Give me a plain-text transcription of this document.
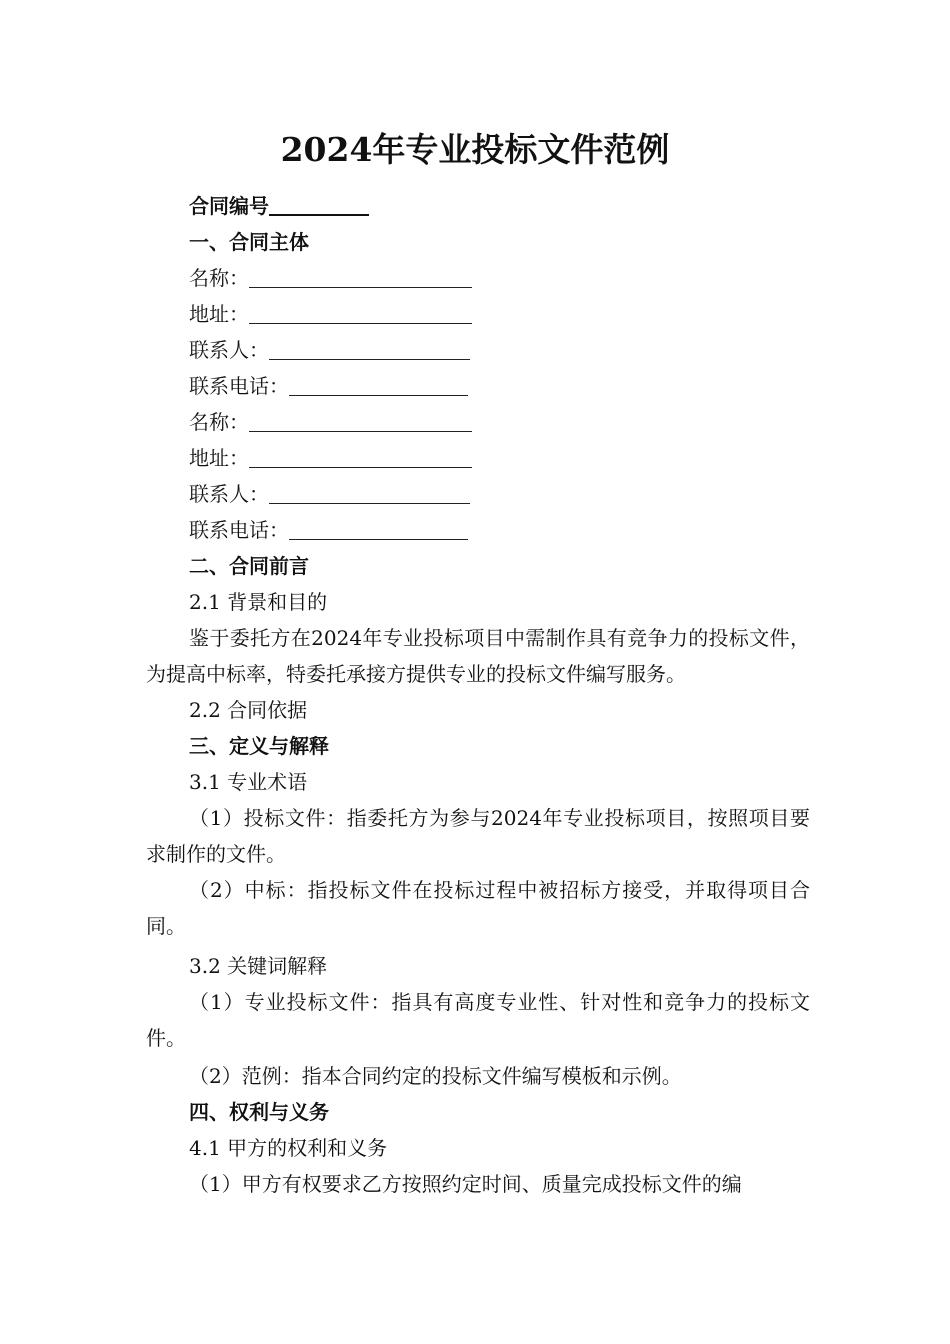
2024年专业投标文件范例
合同编号
一、合同主体
名称：
地址：
联系人：
联系电话：
名称：
地址：
联系人：
联系电话：
二、合同前言
2.1 背景和目的
鉴于委托方在2024年专业投标项目中需制作具有竞争力的投标文件，为提高中标率，特委托承接方提供专业的投标文件编写服务。
2.2 合同依据
三、定义与解释
3.1 专业术语
（1）投标文件：指委托方为参与2024年专业投标项目，按照项目要求制作的文件。
（2）中标：指投标文件在投标过程中被招标方接受，并取得项目合同。
3.2 关键词解释
（1）专业投标文件：指具有高度专业性、针对性和竞争力的投标文件。
（2）范例：指本合同约定的投标文件编写模板和示例。
四、权利与义务
4.1 甲方的权利和义务
（1）甲方有权要求乙方按照约定时间、质量完成投标文件的编
